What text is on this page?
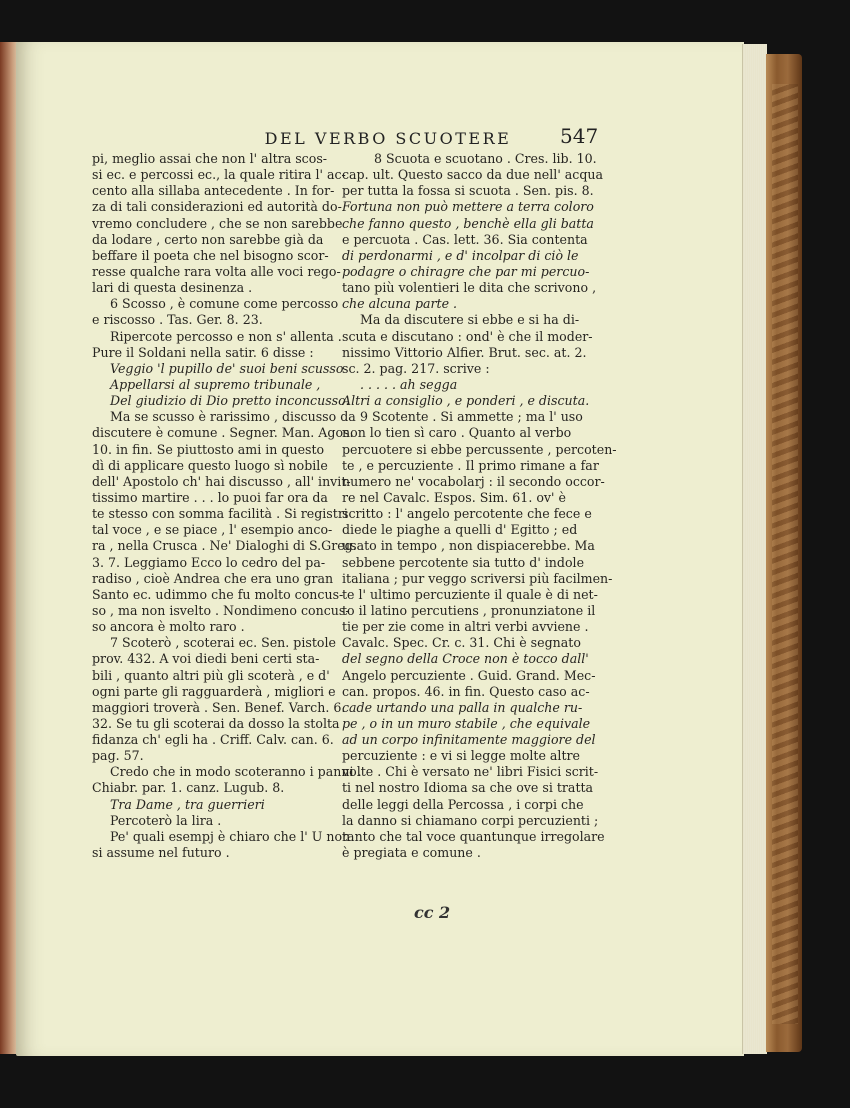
DEL VERBO SCUOTERE	547
pi, meglio assai che non l' altra scos-
si ec. e percossi ec., la quale ritira l' ac-
cento alla sillaba antecedente . In for-
za di tali considerazioni ed autorità do-
vremo concludere , che se non sarebbe
da lodare , certo non sarebbe già da
beffare il poeta che nel bisogno scor-
resse qualche rara volta alle voci rego-
lari di questa desinenza .
6 Scosso , è comune come percosso
e riscosso . Tas. Ger. 8. 23.
Ripercote percosso e non s' allenta .
Pure il Soldani nella satir. 6 disse :
Veggio 'l pupillo de' suoi beni scusso
Appellarsi al supremo tribunale ,
Del giudizio di Dio pretto inconcusso.
Ma se scusso è rarissimo , discusso da
discutere è comune . Segner. Man. Agos.
10. in fin. Se piuttosto ami in questo
dì di applicare questo luogo sì nobile
dell' Apostolo ch' hai discusso , all' invit-
tissimo martire . . . lo puoi far ora da
te stesso con somma facilità . Si registri
tal voce , e se piace , l' esempio anco-
ra , nella Crusca . Ne' Dialoghi di S.Greg.
3. 7. Leggiamo Ecco lo cedro del pa-
radiso , cioè Andrea che era uno gran
Santo ec. udimmo che fu molto concus-
so , ma non isvelto . Nondimeno concus-
so ancora è molto raro .
7 Scoterò , scoterai ec. Sen. pistole
prov. 432. A voi diedi beni certi sta-
bili , quanto altri più gli scoterà , e d'
ogni parte gli ragguarderà , migliori e
maggiori troverà . Sen. Benef. Varch. 6.
32. Se tu gli scoterai da dosso la stolta
fidanza ch' egli ha . Criff. Calv. can. 6.
pag. 57.
Credo che in modo scoteranno i panni .
Chiabr. par. 1. canz. Lugub. 8.
Tra Dame , tra guerrieri
Percoterò la lira .
Pe' quali esempj è chiaro che l' U non
si assume nel futuro .
8 Scuota e scuotano . Cres. lib. 10.
cap. ult. Questo sacco da due nell' acqua
per tutta la fossa si scuota . Sen. pis. 8.
Fortuna non può mettere a terra coloro
che fanno questo , benchè ella gli batta
e percuota . Cas. lett. 36. Sia contenta
di perdonarmi , e d' incolpar di ciò le
podagre o chiragre che par mi percuo-
tano più volentieri le dita che scrivono ,
che alcuna parte .
Ma da discutere si ebbe e si ha di-
scuta e discutano : ond' è che il moder-
nissimo Vittorio Alfier. Brut. sec. at. 2.
sc. 2. pag. 217. scrive :
. . . . . ah segga
Altri a consiglio , e ponderi , e discuta.
9 Scotente . Si ammette ; ma l' uso
non lo tien sì caro . Quanto al verbo
percuotere si ebbe percussente , percoten-
te , e percuziente . Il primo rimane a far
numero ne' vocabolarj : il secondo occor-
re nel Cavalc. Espos. Sim. 61. ov' è
scritto : l' angelo percotente che fece e
diede le piaghe a quelli d' Egitto ; ed
usato in tempo , non dispiacerebbe. Ma
sebbene percotente sia tutto d' indole
italiana ; pur veggo scriversi più facilmen-
te l' ultimo percuziente il quale è di net-
to il latino percutiens , pronunziatone il
tie per zie come in altri verbi avviene .
Cavalc. Spec. Cr. c. 31. Chi è segnato
del segno della Croce non è tocco dall'
Angelo percuziente . Guid. Grand. Mec-
can. propos. 46. in fin. Questo caso ac-
cade urtando una palla in qualche ru-
pe , o in un muro stabile , che equivale
ad un corpo infinitamente maggiore del
percuziente : e vi si legge molte altre
volte . Chi è versato ne' libri Fisici scrit-
ti nel nostro Idioma sa che ove si tratta
delle leggi della Percossa , i corpi che
la danno si chiamano corpi percuzienti ;
tanto che tal voce quantunque irregolare
è pregiata e comune .
cc 2
